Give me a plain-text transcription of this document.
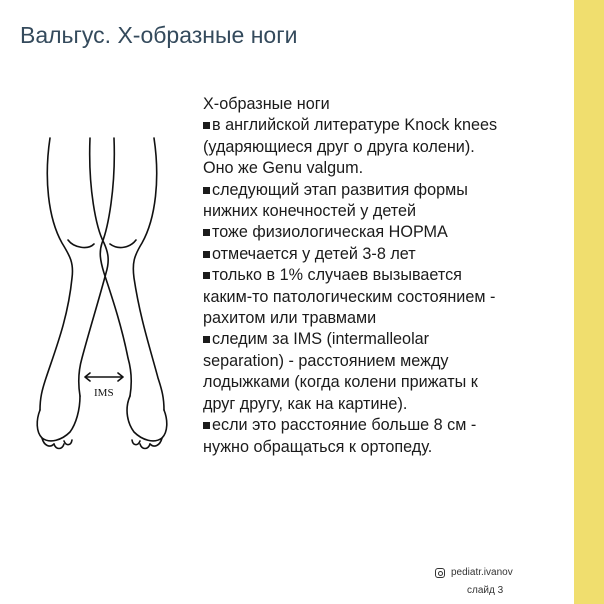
Вальгус. Х-образные ноги
IMS

Х-образные ноги

в английской литературе Knock knees

(ударяющиеся друг о друга колени).

Оно же Genu valgum.

следующий этап развития формы

нижних конечностей у детей

тоже физиологическая НОРМА

отмечается у детей 3-8 лет

только в 1% случаев вызывается

каким-то патологическим состоянием -

рахитом или травмами

следим за IMS (intermalleolar

separation) - расстоянием между

лодыжками (когда колени прижаты к

друг другу, как на картине).

если это расстояние больше 8 см -

нужно обращаться к ортопеду.

pediatr.ivanov
слайд 3
